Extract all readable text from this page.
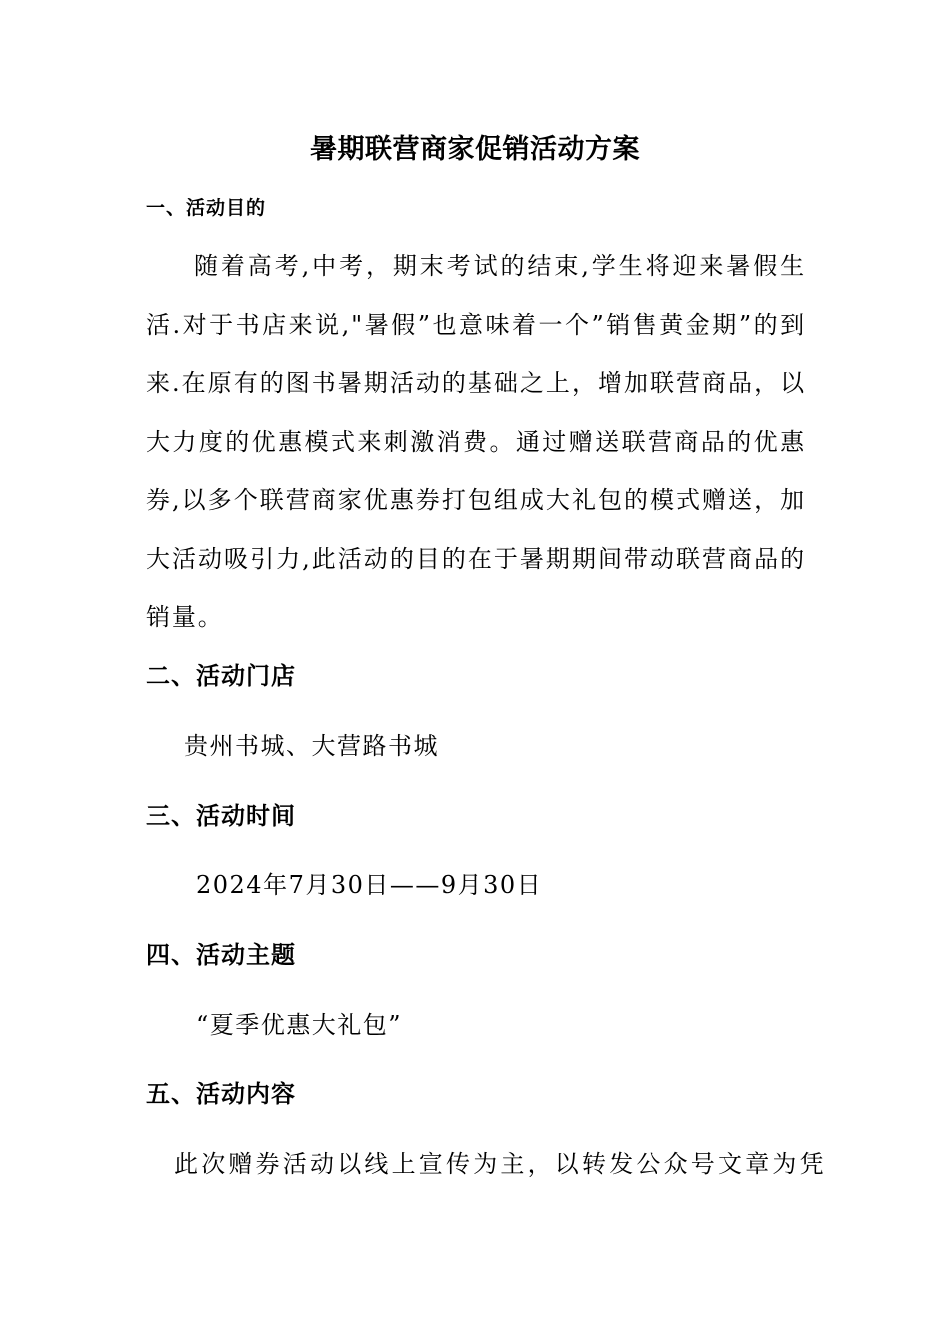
暑期联营商家促销活动方案
一、活动目的
随着高考,中考，期末考试的结束,学生将迎来暑假生活.对于书店来说,"暑假”也意味着一个”销售黄金期”的到来.在原有的图书暑期活动的基础之上，增加联营商品，以大力度的优惠模式来刺激消费。通过赠送联营商品的优惠券,以多个联营商家优惠券打包组成大礼包的模式赠送，加大活动吸引力,此活动的目的在于暑期期间带动联营商品的销量。
二、活动门店
贵州书城、大营路书城
三、活动时间
2024年7月30日——9月30日
四、活动主题
“夏季优惠大礼包”
五、活动内容
此次赠券活动以线上宣传为主，以转发公众号文章为凭
